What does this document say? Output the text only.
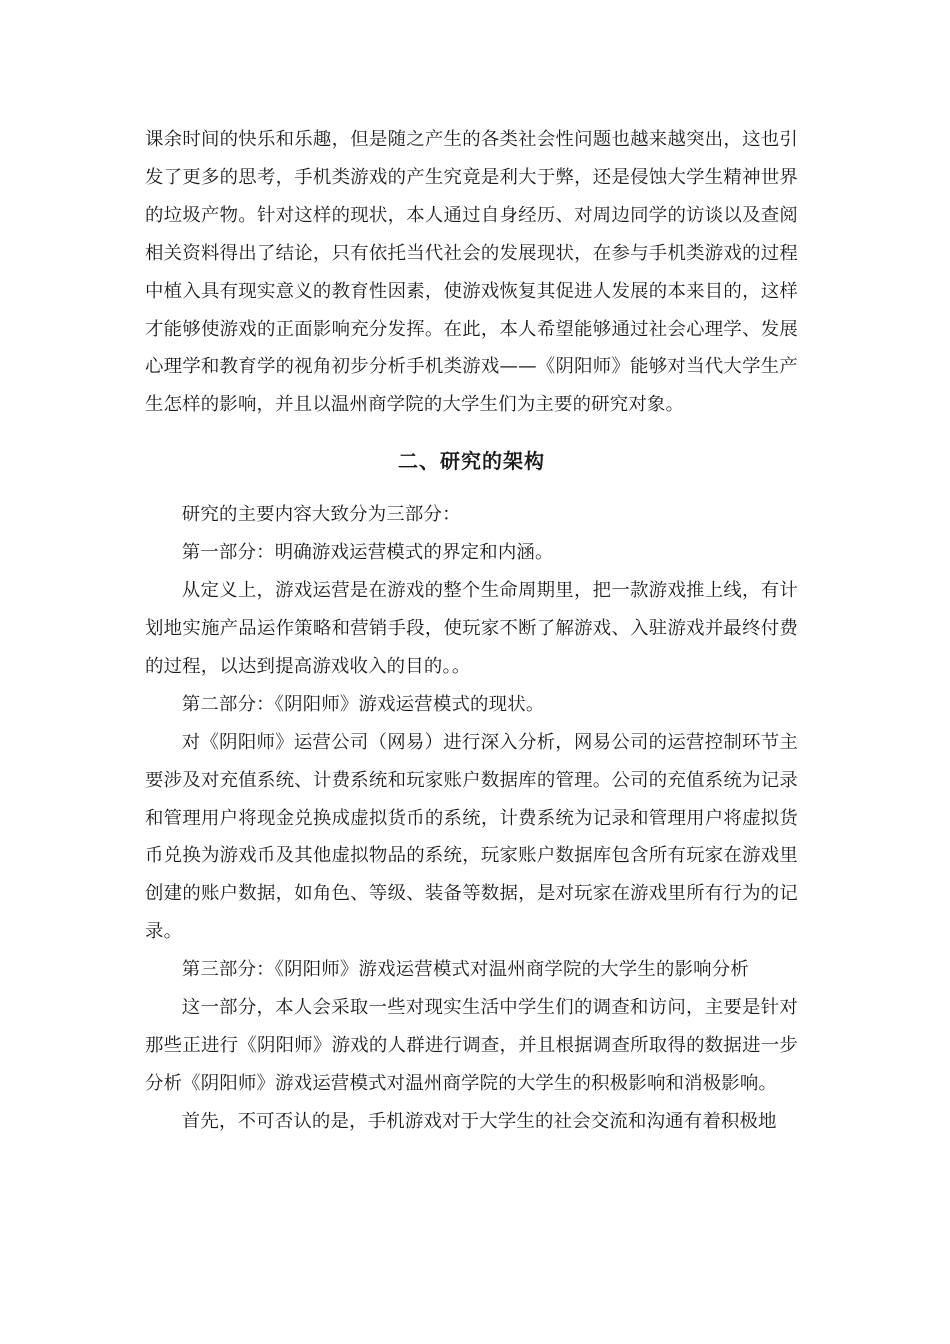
课余时间的快乐和乐趣，但是随之产生的各类社会性问题也越来越突出，这也引发了更多的思考，手机类游戏的产生究竟是利大于弊，还是侵蚀大学生精神世界的垃圾产物。针对这样的现状，本人通过自身经历、对周边同学的访谈以及查阅相关资料得出了结论，只有依托当代社会的发展现状，在参与手机类游戏的过程中植入具有现实意义的教育性因素，使游戏恢复其促进人发展的本来目的，这样才能够使游戏的正面影响充分发挥。在此，本人希望能够通过社会心理学、发展心理学和教育学的视角初步分析手机类游戏——《阴阳师》能够对当代大学生产生怎样的影响，并且以温州商学院的大学生们为主要的研究对象。

二、研究的架构

研究的主要内容大致分为三部分：

第一部分：明确游戏运营模式的界定和内涵。

从定义上，游戏运营是在游戏的整个生命周期里，把一款游戏推上线，有计划地实施产品运作策略和营销手段，使玩家不断了解游戏、入驻游戏并最终付费的过程，以达到提高游戏收入的目的。。

第二部分：《阴阳师》游戏运营模式的现状。

对《阴阳师》运营公司（网易）进行深入分析，网易公司的运营控制环节主要涉及对充值系统、计费系统和玩家账户数据库的管理。公司的充值系统为记录和管理用户将现金兑换成虚拟货币的系统，计费系统为记录和管理用户将虚拟货币兑换为游戏币及其他虚拟物品的系统，玩家账户数据库包含所有玩家在游戏里创建的账户数据，如角色、等级、装备等数据，是对玩家在游戏里所有行为的记录。

第三部分：《阴阳师》游戏运营模式对温州商学院的大学生的影响分析

这一部分，本人会采取一些对现实生活中学生们的调查和访问，主要是针对那些正进行《阴阳师》游戏的人群进行调查，并且根据调查所取得的数据进一步分析《阴阳师》游戏运营模式对温州商学院的大学生的积极影响和消极影响。

首先，不可否认的是，手机游戏对于大学生的社会交流和沟通有着积极地
